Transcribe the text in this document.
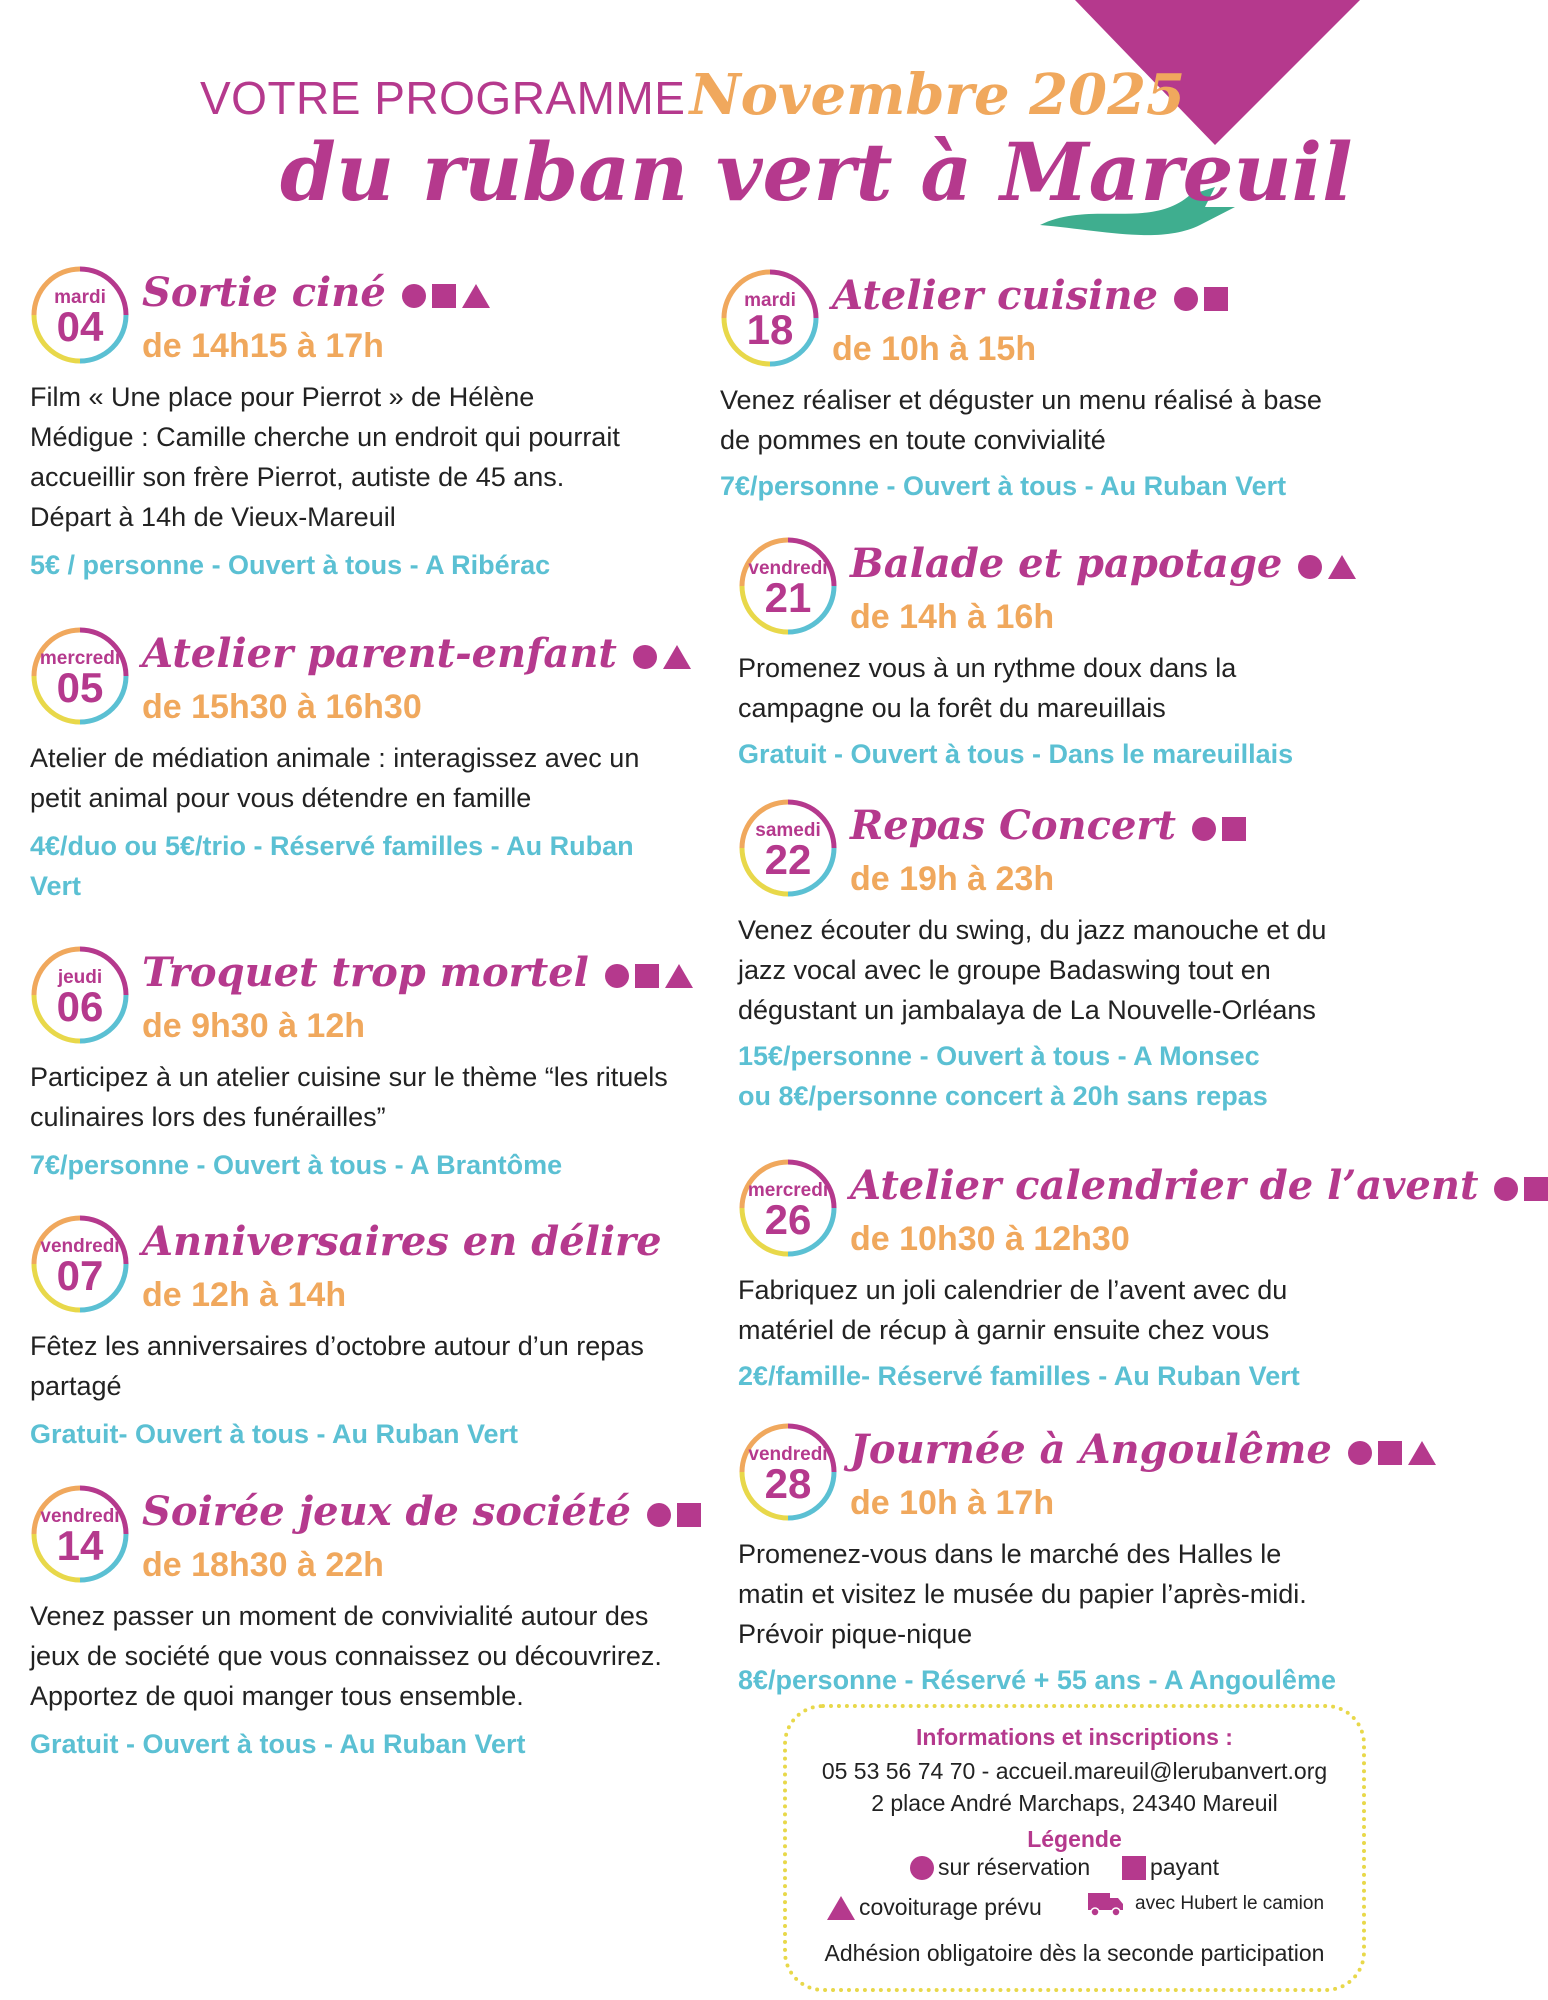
VOTRE PROGRAMME Novembre 2025
du ruban vert à Mareuil
mardi
04
Sortie ciné
de 14h15 à 17h
Film « Une place pour Pierrot » de Hélène
Médigue : Camille cherche un endroit qui pourrait
accueillir son frère Pierrot, autiste de 45 ans.
Départ à 14h de Vieux-Mareuil
5€ / personne - Ouvert à tous - A Ribérac
mercredi
05
Atelier parent-enfant
de 15h30 à 16h30
Atelier de médiation animale : interagissez avec un
petit animal pour vous détendre en famille
4€/duo ou 5€/trio - Réservé familles - Au Ruban
Vert
jeudi
06
Troquet trop mortel
de 9h30 à 12h
Participez à un atelier cuisine sur le thème “les rituels
culinaires lors des funérailles”
7€/personne - Ouvert à tous - A Brantôme
vendredi
07
Anniversaires en délire
de 12h à 14h
Fêtez les anniversaires d’octobre autour d’un repas
partagé
Gratuit- Ouvert à tous - Au Ruban Vert
vendredi
14
Soirée jeux de société
de 18h30 à 22h
Venez passer un moment de convivialité autour des
jeux de société que vous connaissez ou découvrirez.
Apportez de quoi manger tous ensemble.
Gratuit - Ouvert à tous - Au Ruban Vert
mardi
18
Atelier cuisine
de 10h à 15h
Venez réaliser et déguster un menu réalisé à base
de pommes en toute convivialité
7€/personne - Ouvert à tous - Au Ruban Vert
vendredi
21
Balade et papotage
de 14h à 16h
Promenez vous à un rythme doux dans la
campagne ou la forêt du mareuillais
Gratuit - Ouvert à tous - Dans le mareuillais
samedi
22
Repas Concert
de 19h à 23h
Venez écouter du swing, du jazz manouche et du
jazz vocal avec le groupe Badaswing tout en
dégustant un jambalaya de La Nouvelle-Orléans
15€/personne - Ouvert à tous - A Monsec
ou 8€/personne concert à 20h sans repas
mercredi
26
Atelier calendrier de l’avent
de 10h30 à 12h30
Fabriquez un joli calendrier de l’avent avec du
matériel de récup à garnir ensuite chez vous
2€/famille- Réservé familles - Au Ruban Vert
vendredi
28
Journée à Angoulême
de 10h à 17h
Promenez-vous dans le marché des Halles le
matin et visitez le musée du papier l’après-midi.
Prévoir pique-nique
8€/personne - Réservé + 55 ans - A Angoulême
Informations et inscriptions :
05 53 56 74 70 - accueil.mareuil@lerubanvert.org
2 place André Marchaps, 24340 Mareuil
Légende
sur réservation	payant
covoiturage prévu	avec Hubert le camion
Adhésion obligatoire dès la seconde participation
